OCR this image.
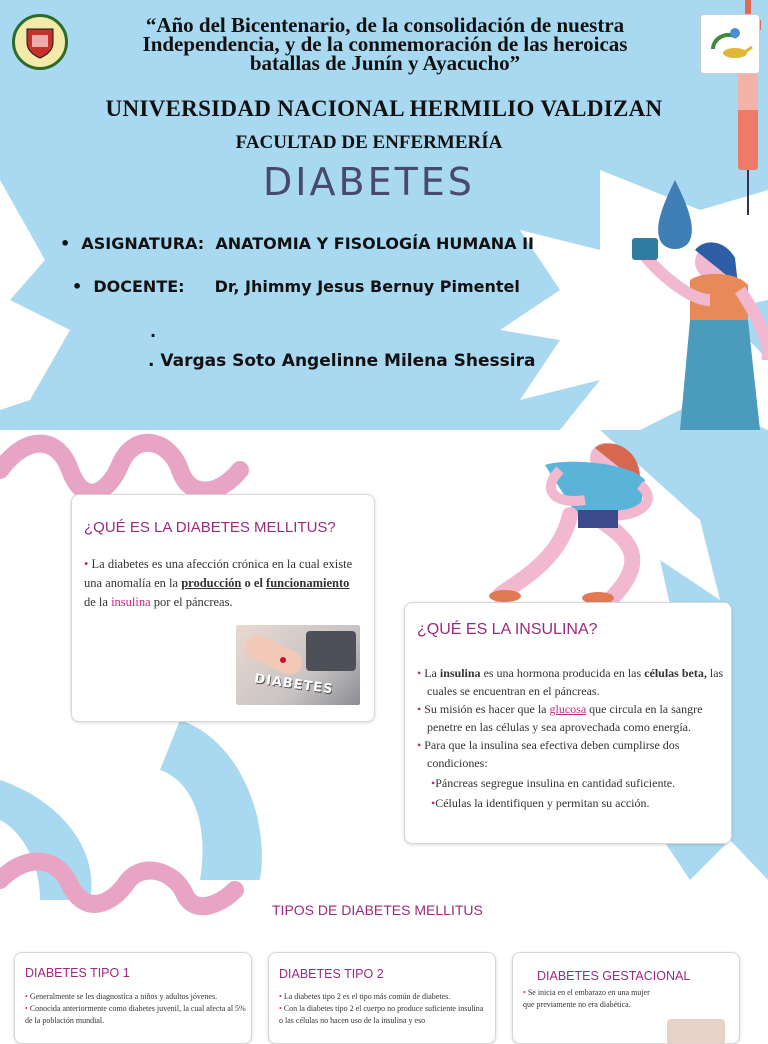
“Año del Bicentenario, de la consolidación de nuestra
Independencia, y de la conmemoración de las heroicas
batallas de Junín y Ayacucho”
UNIVERSIDAD NACIONAL HERMILIO VALDIZAN
FACULTAD DE ENFERMERÍA
DIABETES
•  ASIGNATURA: ANATOMIA Y FISOLOGÍA HUMANA II
•  DOCENTE: Dr, Jhimmy Jesus Bernuy Pimentel
.
. Vargas Soto Angelinne Milena Shessira
¿QUÉ ES LA DIABETES MELLITUS?
• La diabetes es una afección crónica en la cual existe una anomalía en la producción o el funcionamiento de la insulina por el páncreas.
DIABETES
¿QUÉ ES LA INSULINA?
• La insulina es una hormona producida en las células beta, las cuales se encuentran en el páncreas.
• Su misión es hacer que la glucosa que circula en la sangre penetre en las células y sea aprovechada como energía.
• Para que la insulina sea efectiva deben cumplirse dos condiciones:
•Páncreas segregue insulina en cantidad suficiente.
•Células la identifiquen y permitan su acción.
TIPOS DE DIABETES MELLITUS
DIABETES TIPO 1
• Generalmente se les diagnostica a niños y adultos jóvenes.
• Conocida anteriormente como diabetes juvenil, la cual afecta al 5% de la población mundial.
DIABETES TIPO 2
• La diabetes tipo 2 es el tipo más común de diabetes.
• Con la diabetes tipo 2 el cuerpo no produce suficiente insulina o las células no hacen uso de la insulina y eso
DIABETES GESTACIONAL
• Se inicia en el embarazo en una mujer que previamente no era diabética.
